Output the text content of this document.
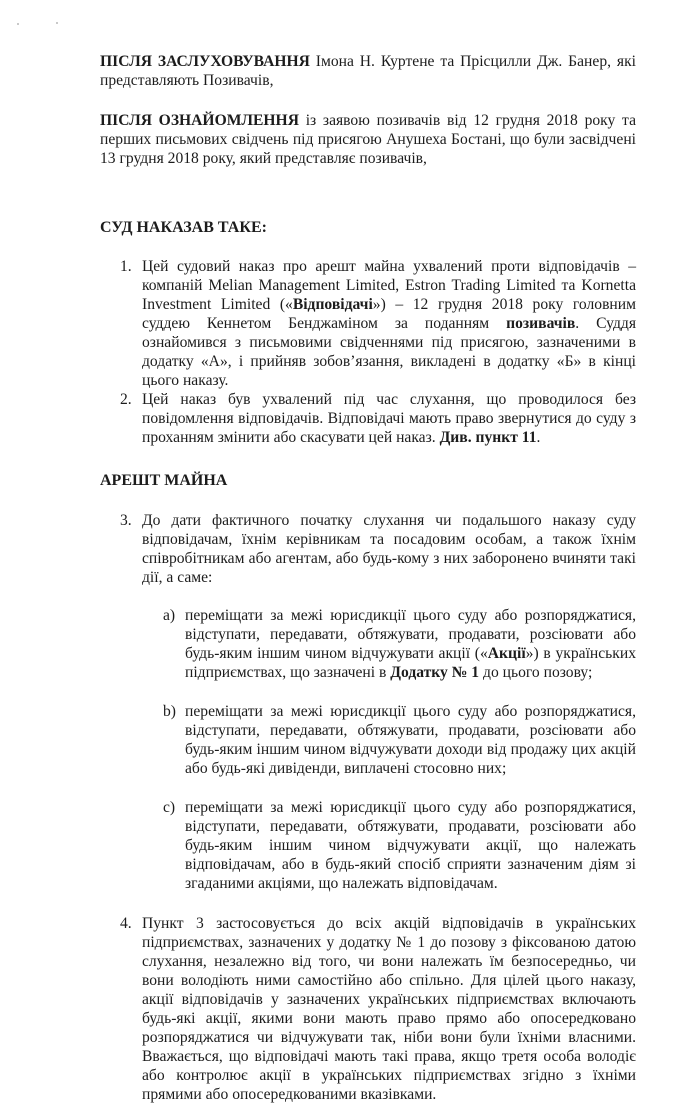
ПІСЛЯ ЗАСЛУХОВУВАННЯ Імона Н. Куртене та Прісцилли Дж. Банер, які представляють Позивачів,

ПІСЛЯ ОЗНАЙОМЛЕННЯ із заявою позивачів від 12 грудня 2018 року та перших письмових свідчень під присягою Анушеха Бостані, що були засвідчені 13 грудня 2018 року, який представляє позивачів,

СУД НАКАЗАВ ТАКЕ:
1. Цей судовий наказ про арешт майна ухвалений проти відповідачів – компаній Melian Management Limited, Estron Trading Limited та Kornetta Investment Limited («Відповідачі») – 12 грудня 2018 року головним суддею Кеннетом Бенджаміном за поданням позивачів. Суддя ознайомився з письмовими свідченнями під присягою, зазначеними в додатку «А», і прийняв зобов’язання, викладені в додатку «Б» в кінці цього наказу.

2. Цей наказ був ухвалений під час слухання, що проводилося без повідомлення відповідачів. Відповідачі мають право звернутися до суду з проханням змінити або скасувати цей наказ. Див. пункт 11.

АРЕШТ МАЙНА
3. До дати фактичного початку слухання чи подальшого наказу суду відповідачам, їхнім керівникам та посадовим особам, а також їхнім співробітникам або агентам, або будь-кому з них заборонено вчиняти такі дії, а саме:

a) переміщати за межі юрисдикції цього суду або розпоряджатися, відступати, передавати, обтяжувати, продавати, розсіювати або будь-яким іншим чином відчужувати акції («Акції») в українських підприємствах, що зазначені в Додатку № 1 до цього позову;

b) переміщати за межі юрисдикції цього суду або розпоряджатися, відступати, передавати, обтяжувати, продавати, розсіювати або будь-яким іншим чином відчужувати доходи від продажу цих акцій або будь-які дивіденди, виплачені стосовно них;

c) переміщати за межі юрисдикції цього суду або розпоряджатися, відступати, передавати, обтяжувати, продавати, розсіювати або будь-яким іншим чином відчужувати акції, що належать відповідачам, або в будь-який спосіб сприяти зазначеним діям зі згаданими акціями, що належать відповідачам.

4. Пункт 3 застосовується до всіх акцій відповідачів в українських підприємствах, зазначених у додатку № 1 до позову з фіксованою датою слухання, незалежно від того, чи вони належать їм безпосередньо, чи вони володіють ними самостійно або спільно. Для цілей цього наказу, акції відповідачів у зазначених українських підприємствах включають будь-які акції, якими вони мають право прямо або опосередковано розпоряджатися чи відчужувати так, ніби вони були їхніми власними. Вважається, що відповідачі мають такі права, якщо третя особа володіє або контролює акції в українських підприємствах згідно з їхніми прямими або опосередкованими вказівками.
